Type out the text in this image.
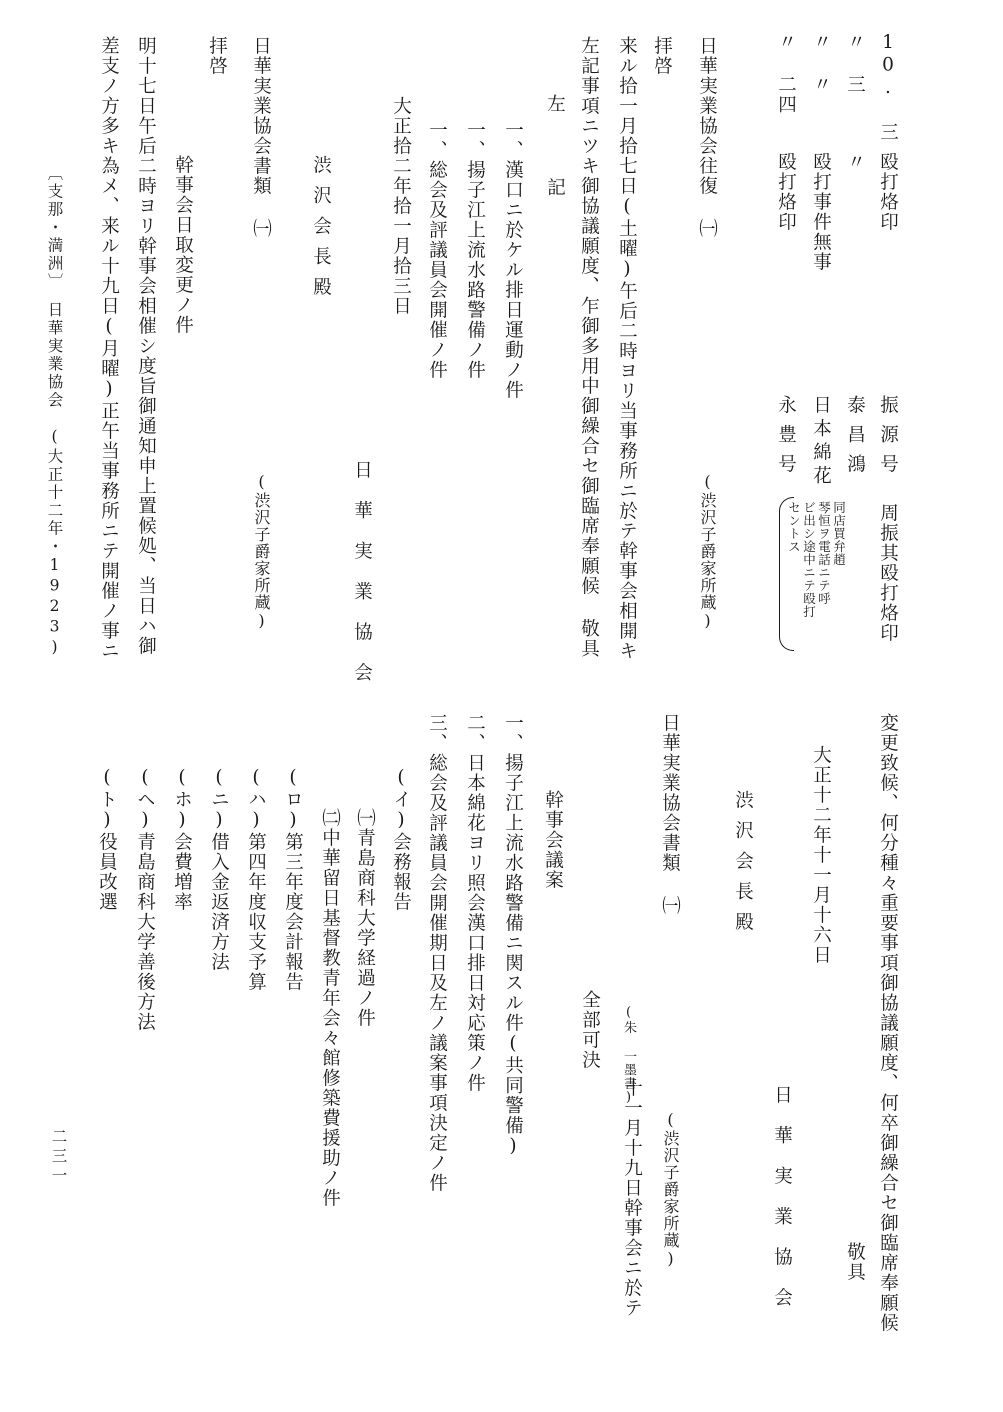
10. 三
殴打烙印
〃 三
〃
〃 〃
殴打事件無事
〃 二四
殴打烙印
振源号
周振其殴打烙印
泰昌鴻
日本綿花
永豊号
同店買弁趙
琴恒ヲ電話ニテ呼
ビ出シ途中ニテ殴打
セントス
日華実業協会往復 ㈠
(渋沢子爵家所蔵)
拝啓
来ル拾一月拾七日(土曜)午后二時ヨリ当事務所ニ於テ幹事会相開キ
左記事項ニツキ御協議願度、乍御多用中御繰合セ御臨席奉願候 敬具
左 記
一、漢口ニ於ケル排日運動ノ件
一、揚子江上流水路警備ノ件
一、総会及評議員会開催ノ件
大正拾二年拾一月拾三日
日華実業協会
渋沢会長殿
日華実業協会書類 ㈠
(渋沢子爵家所蔵)
拝啓
幹事会日取変更ノ件
明十七日午后二時ヨリ幹事会相催シ度旨御通知申上置候処、当日ハ御
差支ノ方多キ為メ、来ル十九日(月曜)正午当事務所ニテ開催ノ事ニ
〔支那・満洲〕　日華実業協会　(大正十二年・1923)
変更致候、何分種々重要事項御協議願度、何卒御繰合セ御臨席奉願候
敬具
大正十二年十一月十六日
日華実業協会
渋沢会長殿
日華実業協会書類 ㈠
(渋沢子爵家所蔵)
(朱 一墨書)
十一月十九日幹事会ニ於テ
全部可決
幹事会議案
一、揚子江上流水路警備ニ関スル件(共同警備)
二、日本綿花ヨリ照会漢口排日対応策ノ件
三、総会及評議員会開催期日及左ノ議案事項決定ノ件
(イ)会務報告
㈠青島商科大学経過ノ件
㈡中華留日基督教青年会々館修築費援助ノ件
(ロ)第三年度会計報告
(ハ)第四年度収支予算
(ニ)借入金返済方法
(ホ)会費増率
(ヘ)青島商科大学善後方法
(ト)役員改選
二三一
